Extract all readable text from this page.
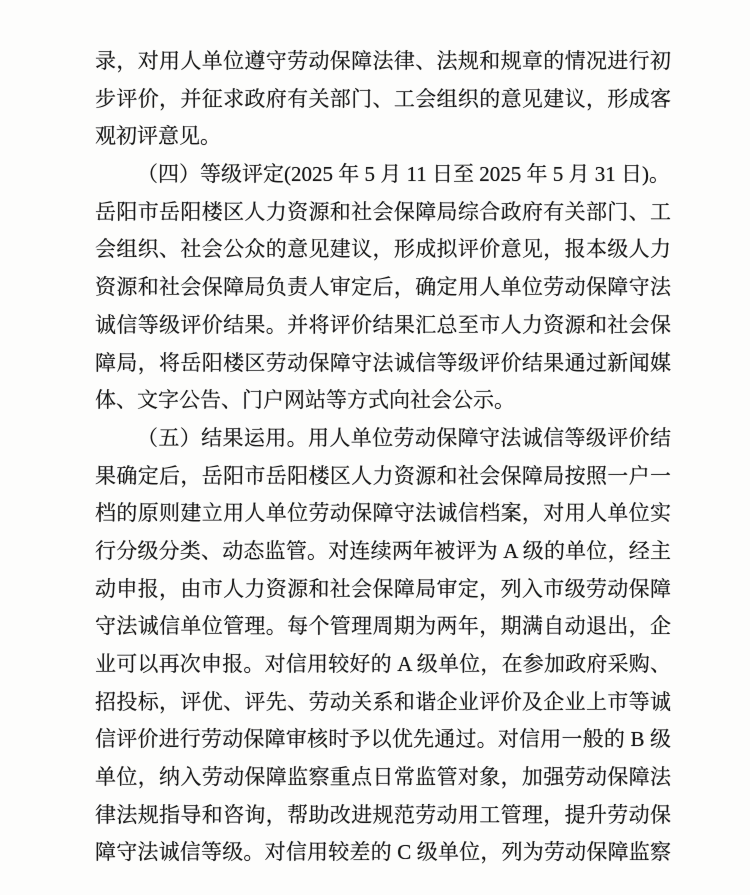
录，对用人单位遵守劳动保障法律、法规和规章的情况进行初
步评价，并征求政府有关部门、工会组织的意见建议，形成客
观初评意见。
（四）等级评定(2025 年 5 月 11 日至 2025 年 5 月 31 日)。
岳阳市岳阳楼区人力资源和社会保障局综合政府有关部门、工
会组织、社会公众的意见建议，形成拟评价意见，报本级人力
资源和社会保障局负责人审定后，确定用人单位劳动保障守法
诚信等级评价结果。并将评价结果汇总至市人力资源和社会保
障局，将岳阳楼区劳动保障守法诚信等级评价结果通过新闻媒
体、文字公告、门户网站等方式向社会公示。
（五）结果运用。用人单位劳动保障守法诚信等级评价结
果确定后，岳阳市岳阳楼区人力资源和社会保障局按照一户一
档的原则建立用人单位劳动保障守法诚信档案，对用人单位实
行分级分类、动态监管。对连续两年被评为 A 级的单位，经主
动申报，由市人力资源和社会保障局审定，列入市级劳动保障
守法诚信单位管理。每个管理周期为两年，期满自动退出，企
业可以再次申报。对信用较好的 A 级单位，在参加政府采购、
招投标，评优、评先、劳动关系和谐企业评价及企业上市等诚
信评价进行劳动保障审核时予以优先通过。对信用一般的 B 级
单位，纳入劳动保障监察重点日常监管对象，加强劳动保障法
律法规指导和咨询，帮助改进规范劳动用工管理，提升劳动保
障守法诚信等级。对信用较差的 C 级单位，列为劳动保障监察
